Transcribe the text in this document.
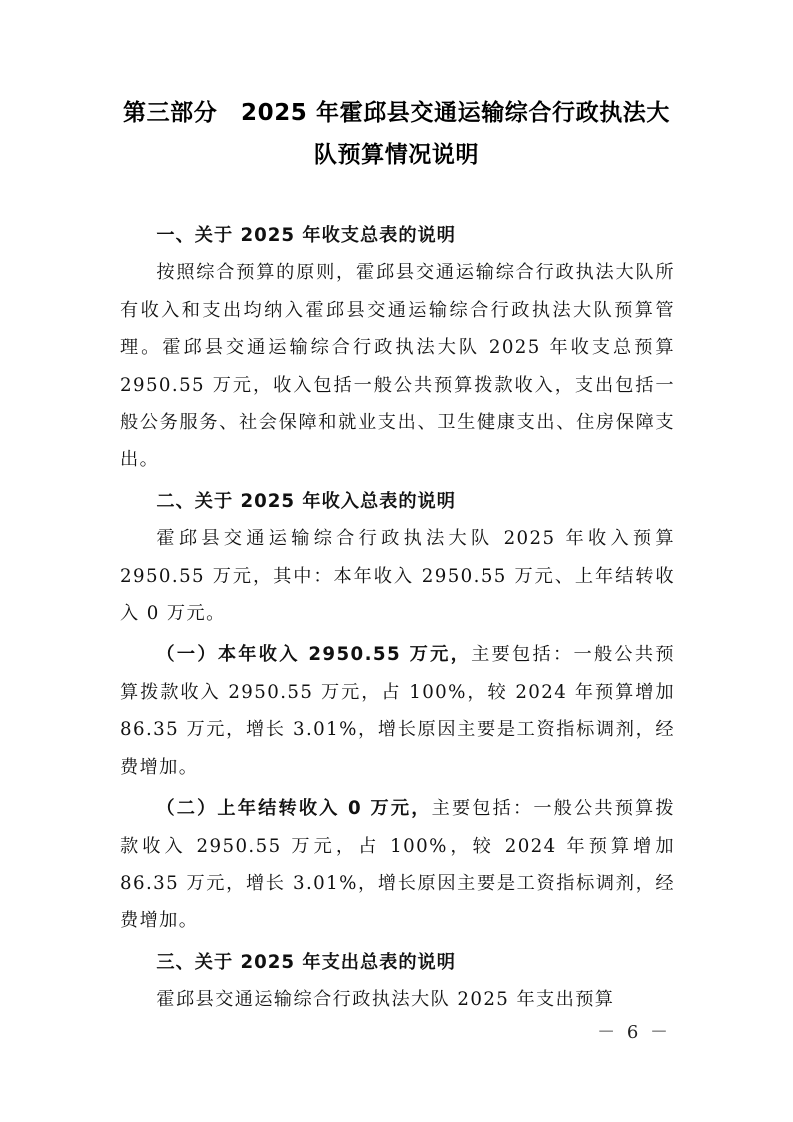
第三部分　2025 年霍邱县交通运输综合行政执法大
队预算情况说明

一、关于 2025 年收支总表的说明

按照综合预算的原则，霍邱县交通运输综合行政执法大队所有收入和支出均纳入霍邱县交通运输综合行政执法大队预算管理。霍邱县交通运输综合行政执法大队 2025 年收支总预算 2950.55 万元，收入包括一般公共预算拨款收入，支出包括一般公务服务、社会保障和就业支出、卫生健康支出、住房保障支出。

二、关于 2025 年收入总表的说明

霍邱县交通运输综合行政执法大队 2025 年收入预算 2950.55 万元，其中：本年收入 2950.55 万元、上年结转收入 0 万元。

（一）本年收入 2950.55 万元，主要包括：一般公共预算拨款收入 2950.55 万元，占 100%，较 2024 年预算增加 86.35 万元，增长 3.01%，增长原因主要是工资指标调剂，经费增加。

（二）上年结转收入 0 万元，主要包括：一般公共预算拨款收入 2950.55 万元，占 100%，较 2024 年预算增加 86.35 万元，增长 3.01%，增长原因主要是工资指标调剂，经费增加。

三、关于 2025 年支出总表的说明

霍邱县交通运输综合行政执法大队 2025 年支出预算

－ 6 －
